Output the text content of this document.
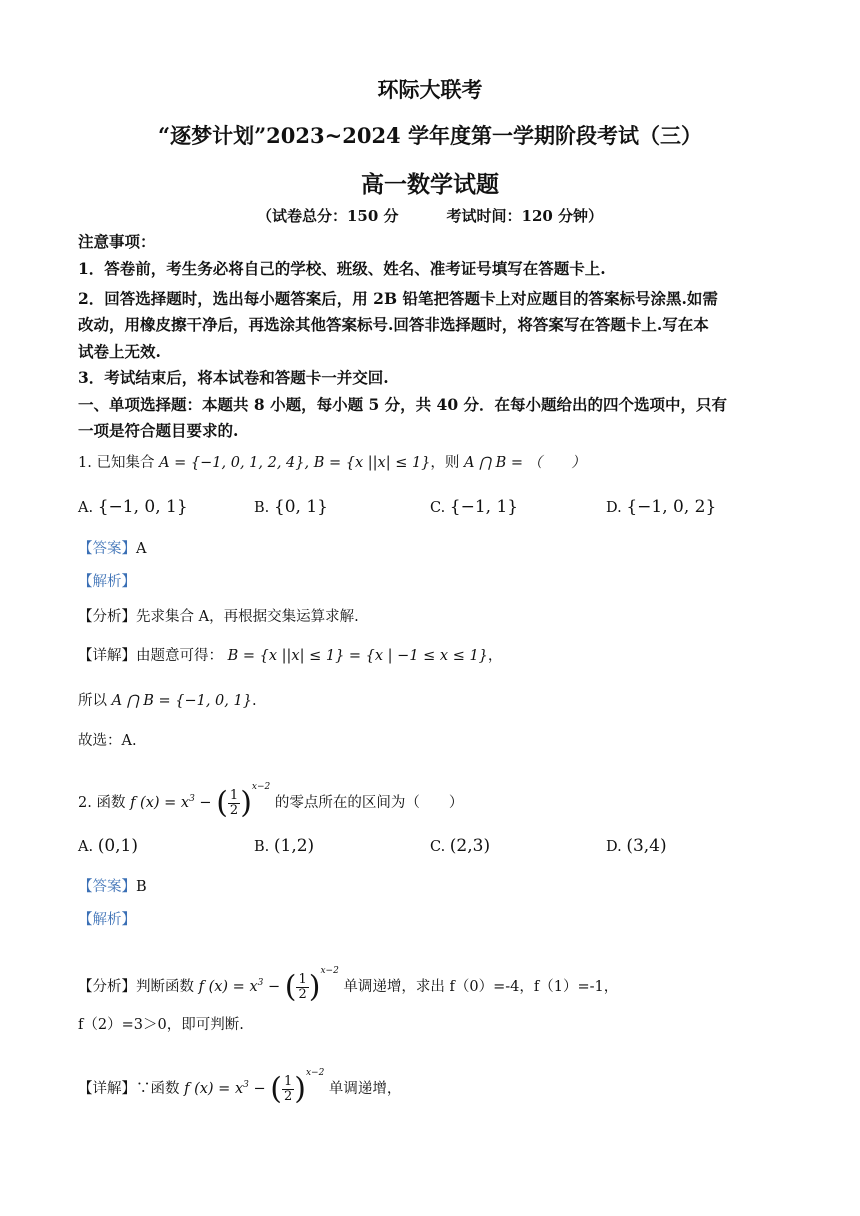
环际大联考
“逐梦计划”2023~2024 学年度第一学期阶段考试（三）
高一数学试题
（试卷总分：150 分	考试时间：120 分钟）
注意事项：
1．答卷前，考生务必将自己的学校、班级、姓名、准考证号填写在答题卡上.
2．回答选择题时，选出每小题答案后，用 2B 铅笔把答题卡上对应题目的答案标号涂黑.如需
改动，用橡皮擦干净后，再选涂其他答案标号.回答非选择题时，将答案写在答题卡上.写在本
试卷上无效.
3．考试结束后，将本试卷和答题卡一并交回.
一、单项选择题：本题共 8 小题，每小题 5 分，共 40 分．在每小题给出的四个选项中，只有
一项是符合题目要求的.
1. 已知集合 A = {−1, 0, 1, 2, 4}, B = {x ||x| ≤ 1}，则 A ⋂ B = （　　）
A. {−1, 0, 1}	B. {0, 1}	C. {−1, 1}	D. {−1, 0, 2}
【答案】A
【解析】
【分析】先求集合 A，再根据交集运算求解.
【详解】由题意可得： B = {x ||x| ≤ 1} = {x | −1 ≤ x ≤ 1}，
所以 A ⋂ B = {−1, 0, 1}.
故选：A.
2. 函数 f $(x) = x^3$ − ( $\frac{1}{2} )^{x-2}$ 的零点所在的区间为（　　）
A. (0,1)	B. (1,2)	C. (2,3)	D. (3,4)
【答案】B
【解析】
【分析】判断函数 f $(x) = x^3$ − ( $\frac{1}{2} )^{x-2}$ 单调递增，求出 f（0）=-4，f（1）=-1，
f（2）=3＞0，即可判断.
【详解】∵函数 f $(x) = x^3$ − ( $\frac{1}{2} )^{x-2}$ 单调递增，
